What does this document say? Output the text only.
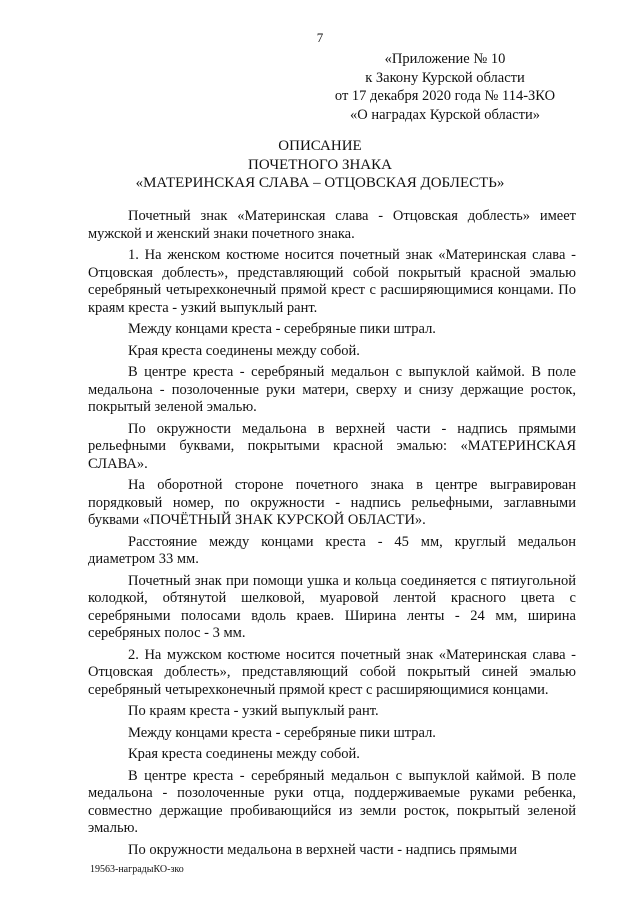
7
«Приложение № 10
к Закону Курской области
от 17 декабря 2020 года № 114-ЗКО
«О наградах Курской области»
ОПИСАНИЕ
ПОЧЕТНОГО ЗНАКА
«МАТЕРИНСКАЯ СЛАВА – ОТЦОВСКАЯ ДОБЛЕСТЬ»

Почетный знак «Материнская слава - Отцовская доблесть» имеет мужской и женский знаки почетного знака.

1. На женском костюме носится почетный знак «Материнская слава - Отцовская доблесть», представляющий собой покрытый красной эмалью серебряный четырехконечный прямой крест с расширяющимися концами. По краям креста - узкий выпуклый рант.

Между концами креста - серебряные пики штрал.

Края креста соединены между собой.

В центре креста - серебряный медальон с выпуклой каймой. В поле медальона - позолоченные руки матери, сверху и снизу держащие росток, покрытый зеленой эмалью.

По окружности медальона в верхней части - надпись прямыми рельефными буквами, покрытыми красной эмалью: «МАТЕРИНСКАЯ СЛАВА».

На оборотной стороне почетного знака в центре выгравирован порядковый номер, по окружности - надпись рельефными, заглавными буквами «ПОЧЁТНЫЙ ЗНАК КУРСКОЙ ОБЛАСТИ».

Расстояние между концами креста - 45 мм, круглый медальон диаметром 33 мм.

Почетный знак при помощи ушка и кольца соединяется с пятиугольной колодкой, обтянутой шелковой, муаровой лентой красного цвета с серебряными полосами вдоль краев. Ширина ленты - 24 мм, ширина серебряных полос - 3 мм.

2. На мужском костюме носится почетный знак «Материнская слава - Отцовская доблесть», представляющий собой покрытый синей эмалью серебряный четырехконечный прямой крест с расширяющимися концами.

По краям креста - узкий выпуклый рант.

Между концами креста - серебряные пики штрал.

Края креста соединены между собой.

В центре креста - серебряный медальон с выпуклой каймой. В поле медальона - позолоченные руки отца, поддерживаемые руками ребенка, совместно держащие пробивающийся из земли росток, покрытый зеленой эмалью.

По окружности медальона в верхней части - надпись прямыми

19563-наградыКО-зко
